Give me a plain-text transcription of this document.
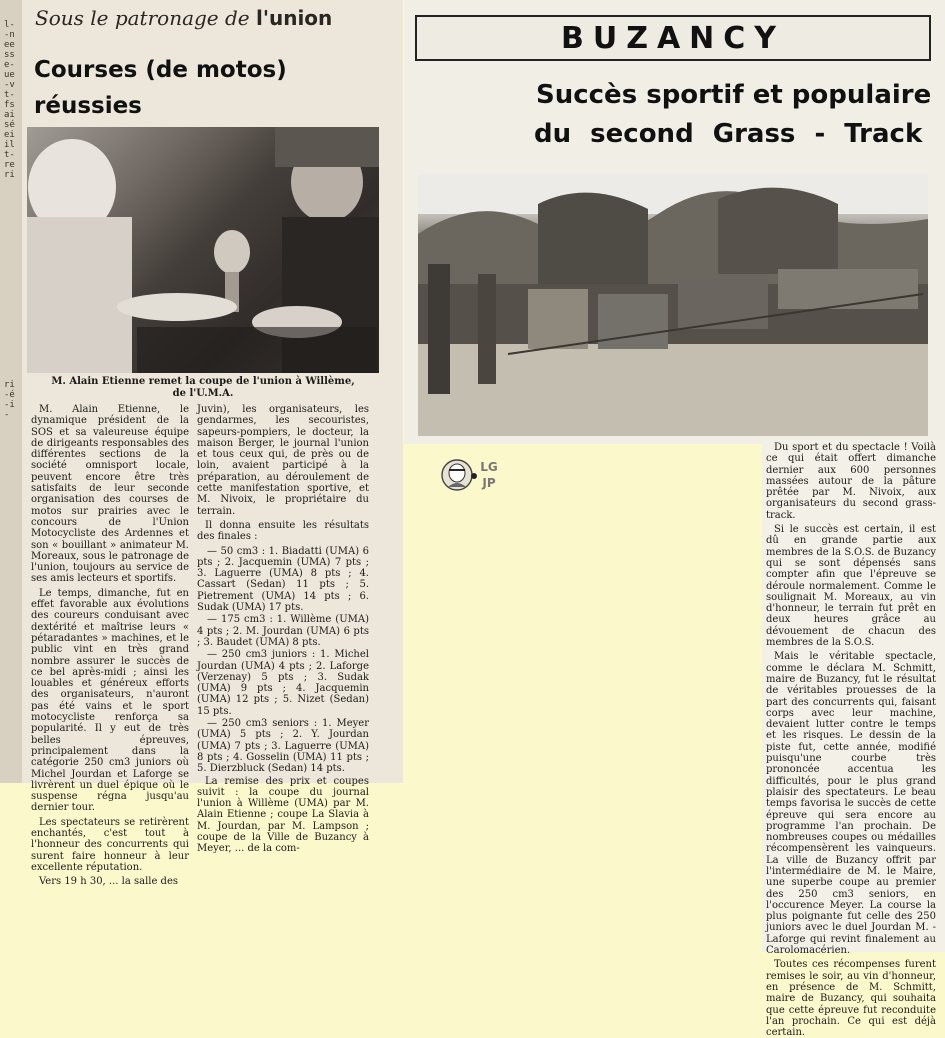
l--neesse-ue-vt-fsaiséeiilt-reri
ri-é-i-
Sous le patronage de l'union
Courses (de motos) réussies
M. Alain Etienne remet la coupe de l'union à Willème,
de l'U.M.A.

M. Alain Etienne, le dynamique président de la SOS et sa valeureuse équipe de dirigeants responsables des différentes sections de la société omnisport locale, peuvent encore être très satisfaits de leur seconde organisation des courses de motos sur prairies avec le concours de l'Union Motocycliste des Ardennes et son « bouillant » animateur M. Moreaux, sous le patronage de l'union, toujours au service de ses amis lecteurs et sportifs.

Le temps, dimanche, fut en effet favorable aux évolutions des coureurs conduisant avec dextérité et maîtrise leurs « pétaradantes » machines, et le public vint en très grand nombre assurer le succès de ce bel après-midi ; ainsi les louables et généreux efforts des organisateurs, n'auront pas été vains et le sport motocycliste renforça sa popularité. Il y eut de très belles épreuves, principalement dans la catégorie 250 cm3 juniors où Michel Jourdan et Laforge se livrèrent un duel épique où le suspense régna jusqu'au dernier tour.

Les spectateurs se retirèrent enchantés, c'est tout à l'honneur des concurrents qui surent faire honneur à leur excellente réputation.

Vers 19 h 30, ... la salle des

Juvin), les organisateurs, les gendarmes, les secouristes, sapeurs-pompiers, le docteur, la maison Berger, le journal l'union et tous ceux qui, de près ou de loin, avaient participé à la préparation, au déroulement de cette manifestation sportive, et M. Nivoix, le propriétaire du terrain.

Il donna ensuite les résultats des finales :

— 50 cm3 : 1. Biadatti (UMA) 6 pts ; 2. Jacquemin (UMA) 7 pts ; 3. Laguerre (UMA) 8 pts ; 4. Cassart (Sedan) 11 pts ; 5. Pietrement (UMA) 14 pts ; 6. Sudak (UMA) 17 pts.

— 175 cm3 : 1. Willème (UMA) 4 pts ; 2. M. Jourdan (UMA) 6 pts ; 3. Baudet (UMA) 8 pts.

— 250 cm3 juniors : 1. Michel Jourdan (UMA) 4 pts ; 2. Laforge (Verzenay) 5 pts ; 3. Sudak (UMA) 9 pts ; 4. Jacquemin (UMA) 12 pts ; 5. Nizet (Sedan) 15 pts.

— 250 cm3 seniors : 1. Meyer (UMA) 5 pts ; 2. Y. Jourdan (UMA) 7 pts ; 3. Laguerre (UMA) 8 pts ; 4. Gosselin (UMA) 11 pts ; 5. Dierzbluck (Sedan) 14 pts.

La remise des prix et coupes suivit : la coupe du journal l'union à Willème (UMA) par M. Alain Etienne ; coupe La Slavia à M. Jourdan, par M. Lampson ; coupe de la Ville de Buzancy à Meyer, ... de la com-

BUZANCY
Succès sportif et populaire
du second Grass - Track
LG JP

Du sport et du spectacle ! Voilà ce qui était offert dimanche dernier aux 600 personnes massées autour de la pâture prêtée par M. Nivoix, aux organisateurs du second grass-track.

Si le succès est certain, il est dû en grande partie aux membres de la S.O.S. de Buzancy qui se sont dépensés sans compter afin que l'épreuve se déroule normalement. Comme le soulignait M. Moreaux, au vin d'honneur, le terrain fut prêt en deux heures grâce au dévouement de chacun des membres de la S.O.S.

Mais le véritable spectacle, comme le déclara M. Schmitt, maire de Buzancy, fut le résultat de véritables prouesses de la part des concurrents qui, faisant corps avec leur machine, devaient lutter contre le temps et les risques. Le dessin de la piste fut, cette année, modifié puisqu'une courbe très prononcée accentua les difficultés, pour le plus grand plaisir des spectateurs. Le beau temps favorisa le succès de cette épreuve qui sera encore au programme l'an prochain. De nombreuses coupes ou médailles récompensèrent les vainqueurs. La ville de Buzancy offrit par l'intermédiaire de M. le Maire, une superbe coupe au premier des 250 cm3 seniors, en l'occurence Meyer. La course la plus poignante fut celle des 250 juniors avec le duel Jourdan M. - Laforge qui revint finalement au Carolomacérien.

Toutes ces récompenses furent remises le soir, au vin d'honneur, en présence de M. Schmitt, maire de Buzancy, qui souhaita que cette épreuve fut reconduite l'an prochain. Ce qui est déjà certain.
